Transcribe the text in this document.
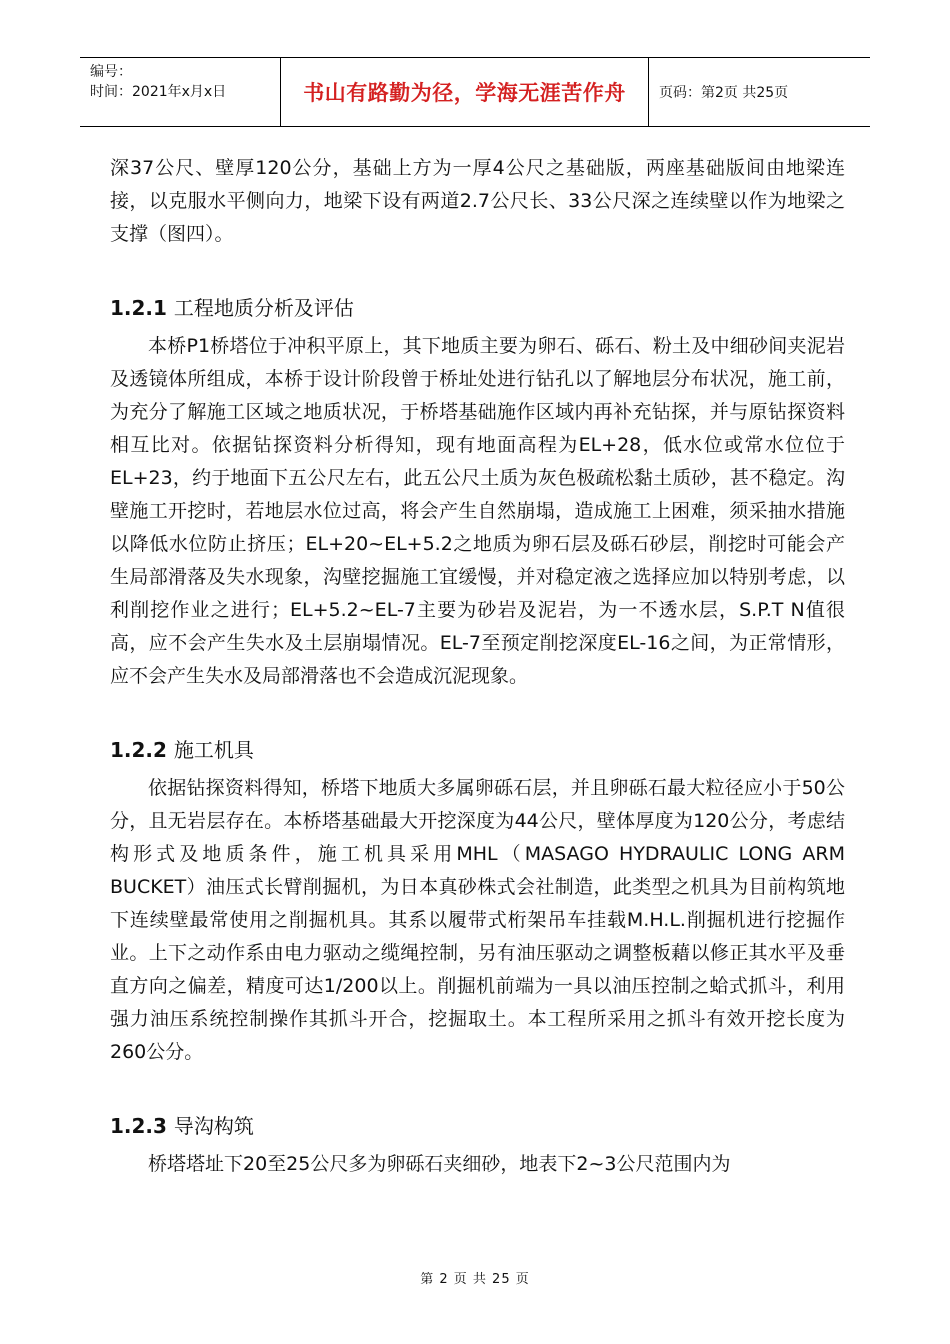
编号：
时间：2021年x月x日	书山有路勤为径，学海无涯苦作舟	页码：第2页 共25页

深37公尺、壁厚120公分，基础上方为一厚4公尺之基础版，两座基础版间由地梁连接，以克服水平侧向力，地梁下设有两道2.7公尺长、33公尺深之连续壁以作为地梁之支撑（图四）。

1.2.1 工程地质分析及评估

本桥P1桥塔位于冲积平原上，其下地质主要为卵石、砾石、粉土及中细砂间夹泥岩及透镜体所组成，本桥于设计阶段曾于桥址处进行钻孔以了解地层分布状况，施工前，为充分了解施工区域之地质状况，于桥塔基础施作区域内再补充钻探，并与原钻探资料相互比对。依据钻探资料分析得知，现有地面高程为EL+28，低水位或常水位位于EL+23，约于地面下五公尺左右，此五公尺土质为灰色极疏松黏土质砂，甚不稳定。沟壁施工开挖时，若地层水位过高，将会产生自然崩塌，造成施工上困难，须采抽水措施以降低水位防止挤压；EL+20~EL+5.2之地质为卵石层及砾石砂层，削挖时可能会产生局部滑落及失水现象，沟壁挖掘施工宜缓慢，并对稳定液之选择应加以特别考虑，以利削挖作业之进行；EL+5.2~EL-7主要为砂岩及泥岩，为一不透水层，S.P.T N值很高，应不会产生失水及土层崩塌情况。EL-7至预定削挖深度EL-16之间，为正常情形，应不会产生失水及局部滑落也不会造成沉泥现象。

1.2.2 施工机具

依据钻探资料得知，桥塔下地质大多属卵砾石层，并且卵砾石最大粒径应小于50公分，且无岩层存在。本桥塔基础最大开挖深度为44公尺，壁体厚度为120公分，考虑结构形式及地质条件，施工机具采用MHL（MASAGO HYDRAULIC LONG ARM BUCKET）油压式长臂削掘机，为日本真砂株式会社制造，此类型之机具为目前构筑地下连续壁最常使用之削掘机具。其系以履带式桁架吊车挂载M.H.L.削掘机进行挖掘作业。上下之动作系由电力驱动之缆绳控制，另有油压驱动之调整板藉以修正其水平及垂直方向之偏差，精度可达1/200以上。削掘机前端为一具以油压控制之蛤式抓斗，利用强力油压系统控制操作其抓斗开合，挖掘取土。本工程所采用之抓斗有效开挖长度为260公分。

1.2.3 导沟构筑

桥塔塔址下20至25公尺多为卵砾石夹细砂，地表下2~3公尺范围内为

第 2 页 共 25 页
